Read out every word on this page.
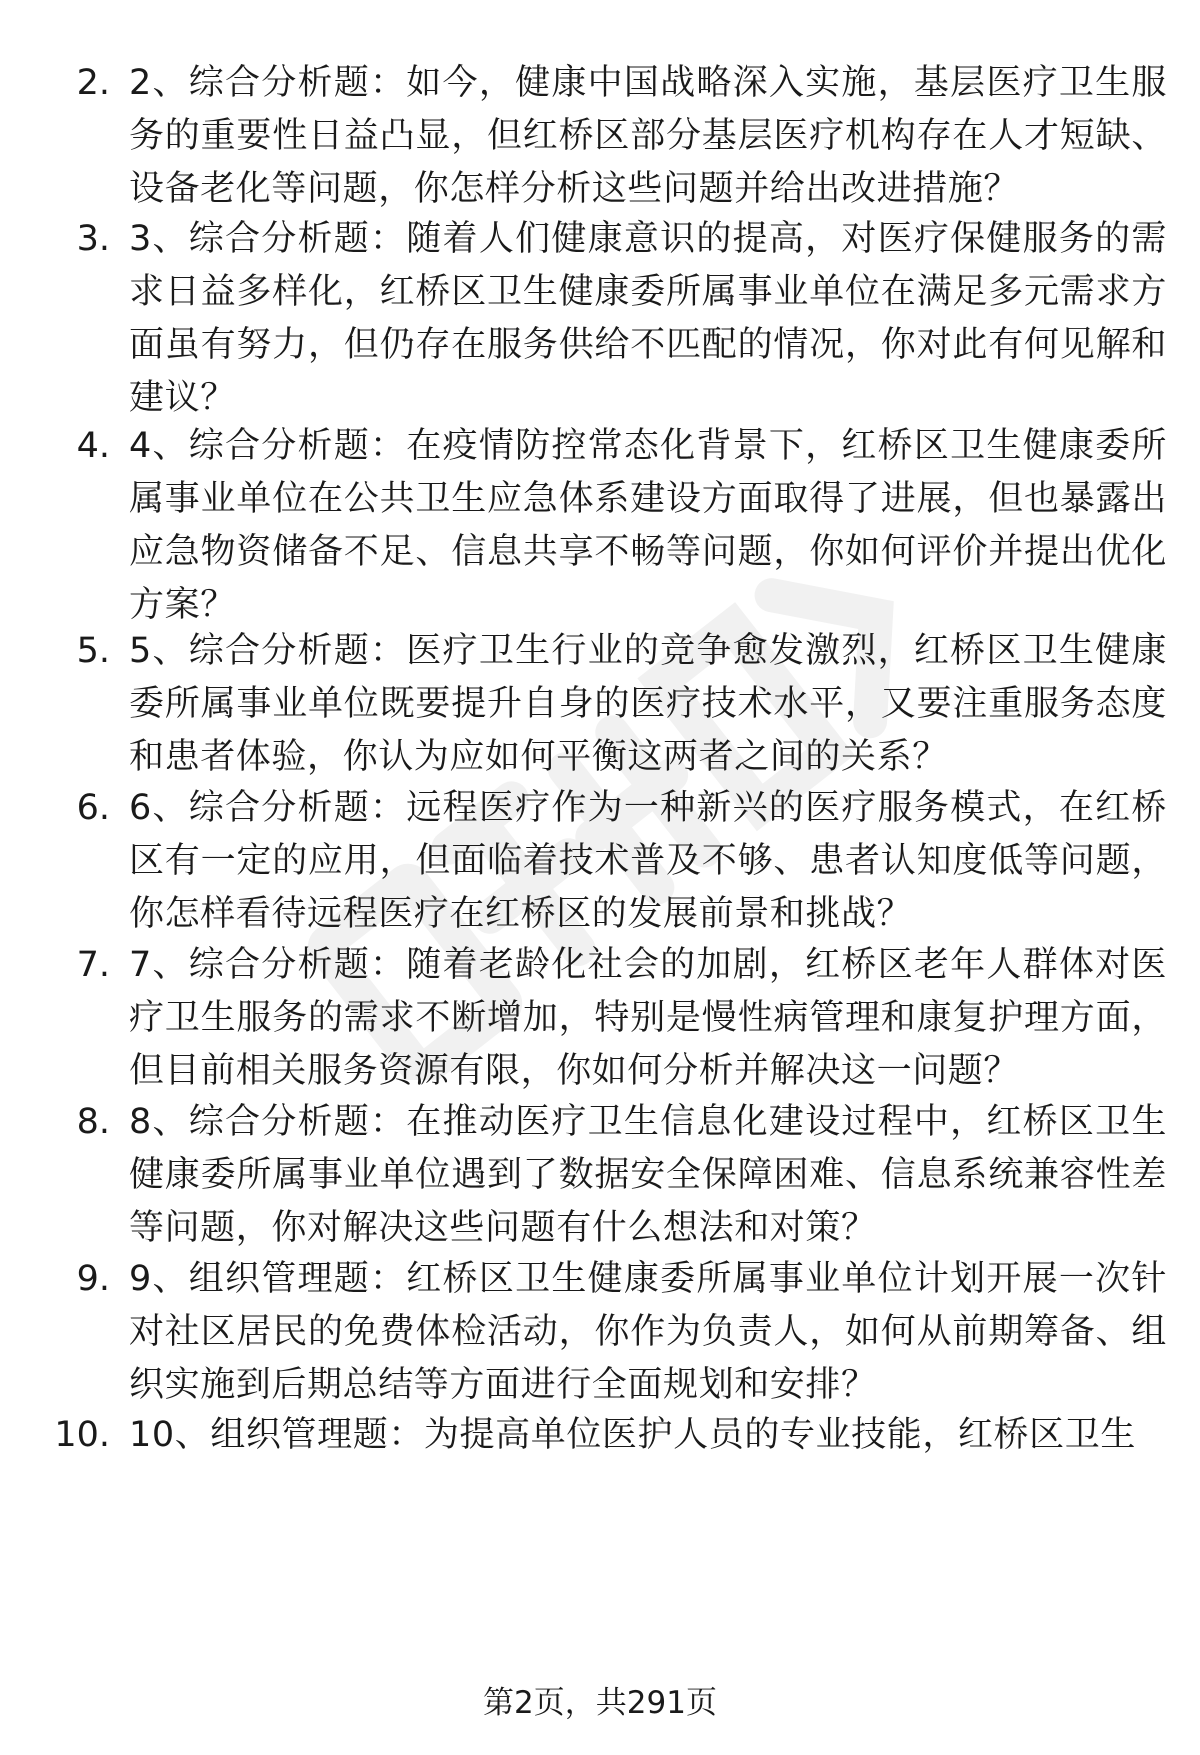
2. 2、综合分析题：如今，健康中国战略深入实施，基层医疗卫生服务的重要性日益凸显，但红桥区部分基层医疗机构存在人才短缺、设备老化等问题，你怎样分析这些问题并给出改进措施？
3. 3、综合分析题：随着人们健康意识的提高，对医疗保健服务的需求日益多样化，红桥区卫生健康委所属事业单位在满足多元需求方面虽有努力，但仍存在服务供给不匹配的情况，你对此有何见解和建议？
4. 4、综合分析题：在疫情防控常态化背景下，红桥区卫生健康委所属事业单位在公共卫生应急体系建设方面取得了进展，但也暴露出应急物资储备不足、信息共享不畅等问题，你如何评价并提出优化方案？
5. 5、综合分析题：医疗卫生行业的竞争愈发激烈，红桥区卫生健康委所属事业单位既要提升自身的医疗技术水平，又要注重服务态度和患者体验，你认为应如何平衡这两者之间的关系？
6. 6、综合分析题：远程医疗作为一种新兴的医疗服务模式，在红桥区有一定的应用，但面临着技术普及不够、患者认知度低等问题，你怎样看待远程医疗在红桥区的发展前景和挑战？
7. 7、综合分析题：随着老龄化社会的加剧，红桥区老年人群体对医疗卫生服务的需求不断增加，特别是慢性病管理和康复护理方面，但目前相关服务资源有限，你如何分析并解决这一问题？
8. 8、综合分析题：在推动医疗卫生信息化建设过程中，红桥区卫生健康委所属事业单位遇到了数据安全保障困难、信息系统兼容性差等问题，你对解决这些问题有什么想法和对策？
9. 9、组织管理题：红桥区卫生健康委所属事业单位计划开展一次针对社区居民的免费体检活动，你作为负责人，如何从前期筹备、组织实施到后期总结等方面进行全面规划和安排？
10. 10、组织管理题：为提高单位医护人员的专业技能，红桥区卫生
第2页，共291页
